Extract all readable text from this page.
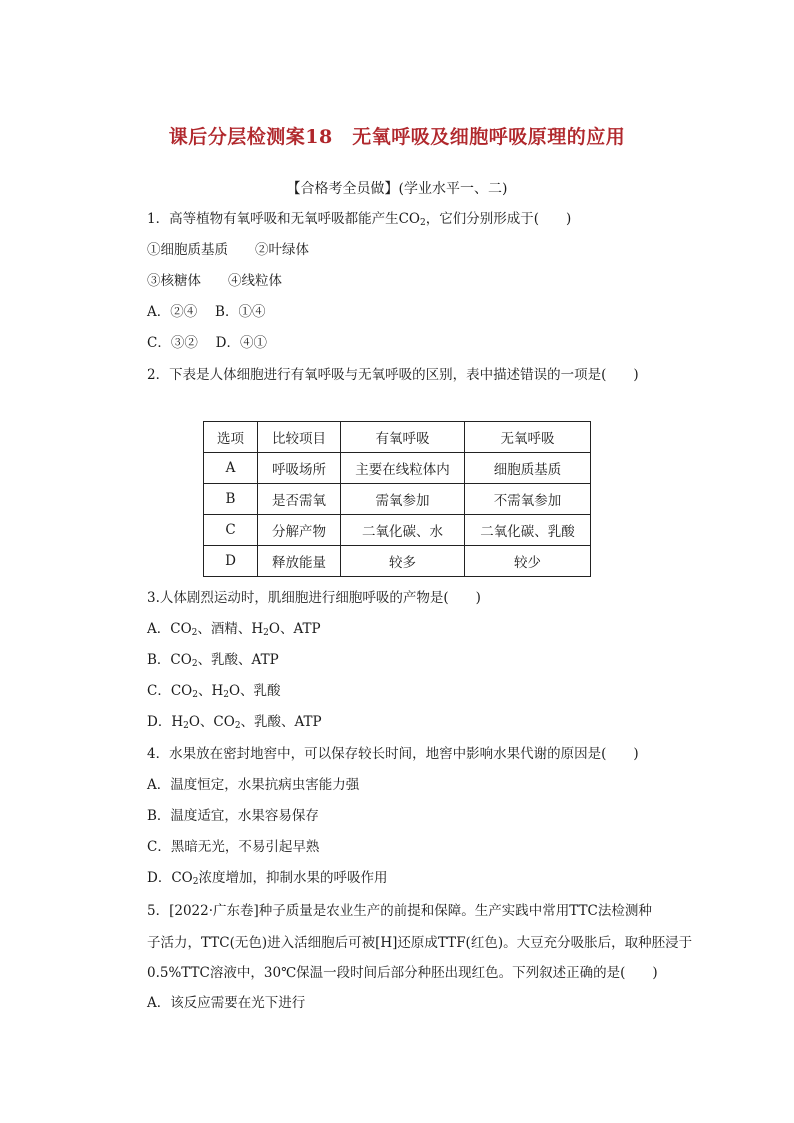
课后分层检测案18　无氧呼吸及细胞呼吸原理的应用
【合格考全员做】(学业水平一、二)
1．高等植物有氧呼吸和无氧呼吸都能产生$CO_2$，它们分别形成于(　　)
①细胞质基质　　②叶绿体
③核糖体　　④线粒体
A．②④　 B．①④
C．③②　 D．④①
2．下表是人体细胞进行有氧呼吸与无氧呼吸的区别，表中描述错误的一项是(　　)
选项	比较项目	有氧呼吸	无氧呼吸
A	呼吸场所	主要在线粒体内	细胞质基质
B	是否需氧	需氧参加	不需氧参加
C	分解产物	二氧化碳、水	二氧化碳、乳酸
D	释放能量	较多	较少
3.人体剧烈运动时，肌细胞进行细胞呼吸的产物是(　　)
A．$CO_2$、酒精、$H_2O$、ATP
B．$CO_2$、乳酸、ATP
C．$CO_2$、$H_2O$、乳酸
D．$H_2O$、$CO_2$、乳酸、ATP
4．水果放在密封地窖中，可以保存较长时间，地窖中影响水果代谢的原因是(　　)
A．温度恒定，水果抗病虫害能力强
B．温度适宜，水果容易保存
C．黑暗无光，不易引起早熟
D．$CO_2$浓度增加，抑制水果的呼吸作用
5．[2022·广东卷]种子质量是农业生产的前提和保障。生产实践中常用TTC法检测种
子活力，TTC(无色)进入活细胞后可被[H]还原成TTF(红色)。大豆充分吸胀后，取种胚浸于
0.5%TTC溶液中，30℃保温一段时间后部分种胚出现红色。下列叙述正确的是(　　)
A．该反应需要在光下进行
